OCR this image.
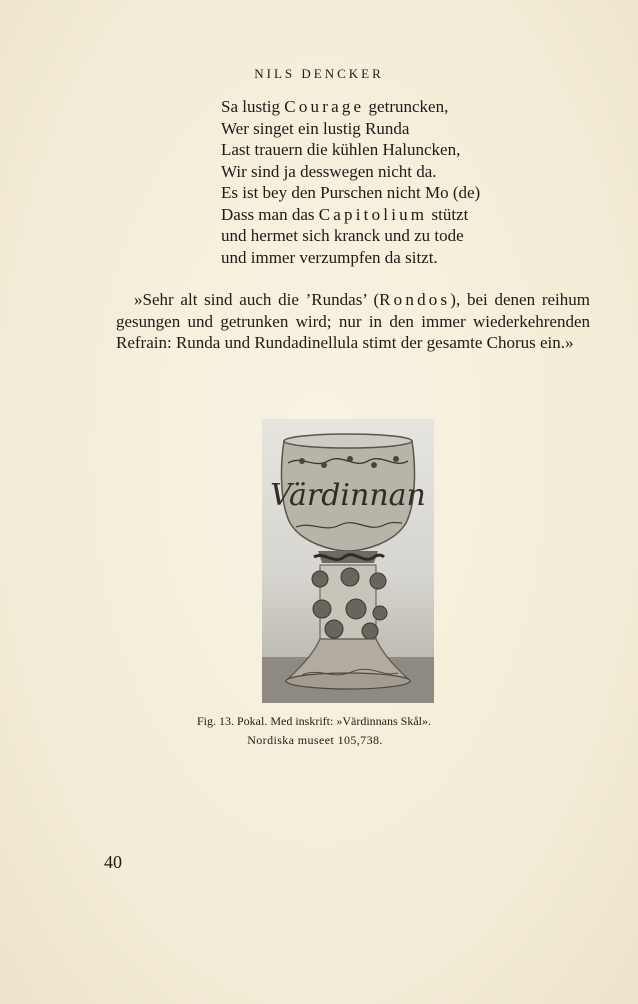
NILS DENCKER
Sa lustig Courage getruncken,
Wer singet ein lustig Runda
Last trauern die kühlen Haluncken,
Wir sind ja desswegen nicht da.
Es ist bey den Purschen nicht Mo (de)
Dass man das Capitolium stützt
und hermet sich kranck und zu tode
und immer verzumpfen da sitzt.

»Sehr alt sind auch die ’Rundas’ (Rondos), bei denen reihum gesungen und getrunken wird; nur in den immer wiederkehrenden Refrain: Runda und Rundadinellula stimt der gesamte Chorus ein.»

Värdinnan
Fig. 13. Pokal. Med inskrift: »Värdinnans Skål».
Nordiska museet 105,738.
40
